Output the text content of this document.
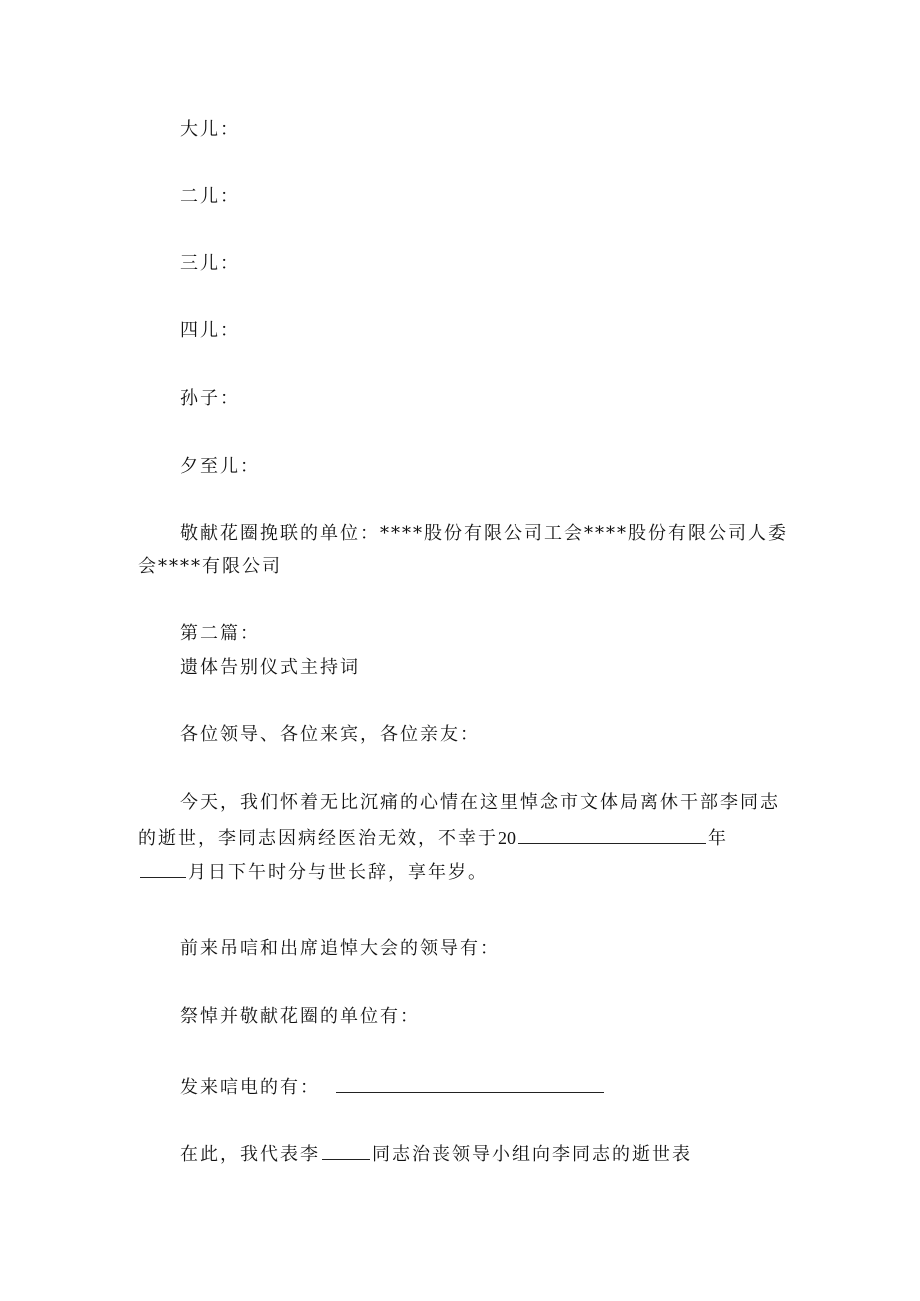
大儿：

二儿：

三儿：

四儿：

孙子：

夕至儿：

敬献花圈挽联的单位：****股份有限公司工会****股份有限公司人委

会****有限公司

第二篇：

遗体告别仪式主持词

各位领导、各位来宾，各位亲友：

今天，我们怀着无比沉痛的心情在这里悼念市文体局离休干部李同志

的逝世，李同志因病经医治无效，不幸于20	年

月日下午时分与世长辞，享年岁。

前来吊唁和出席追悼大会的领导有：

祭悼并敬献花圈的单位有：

发来唁电的有：

在此，我代表李	同志治丧领导小组向李同志的逝世表
